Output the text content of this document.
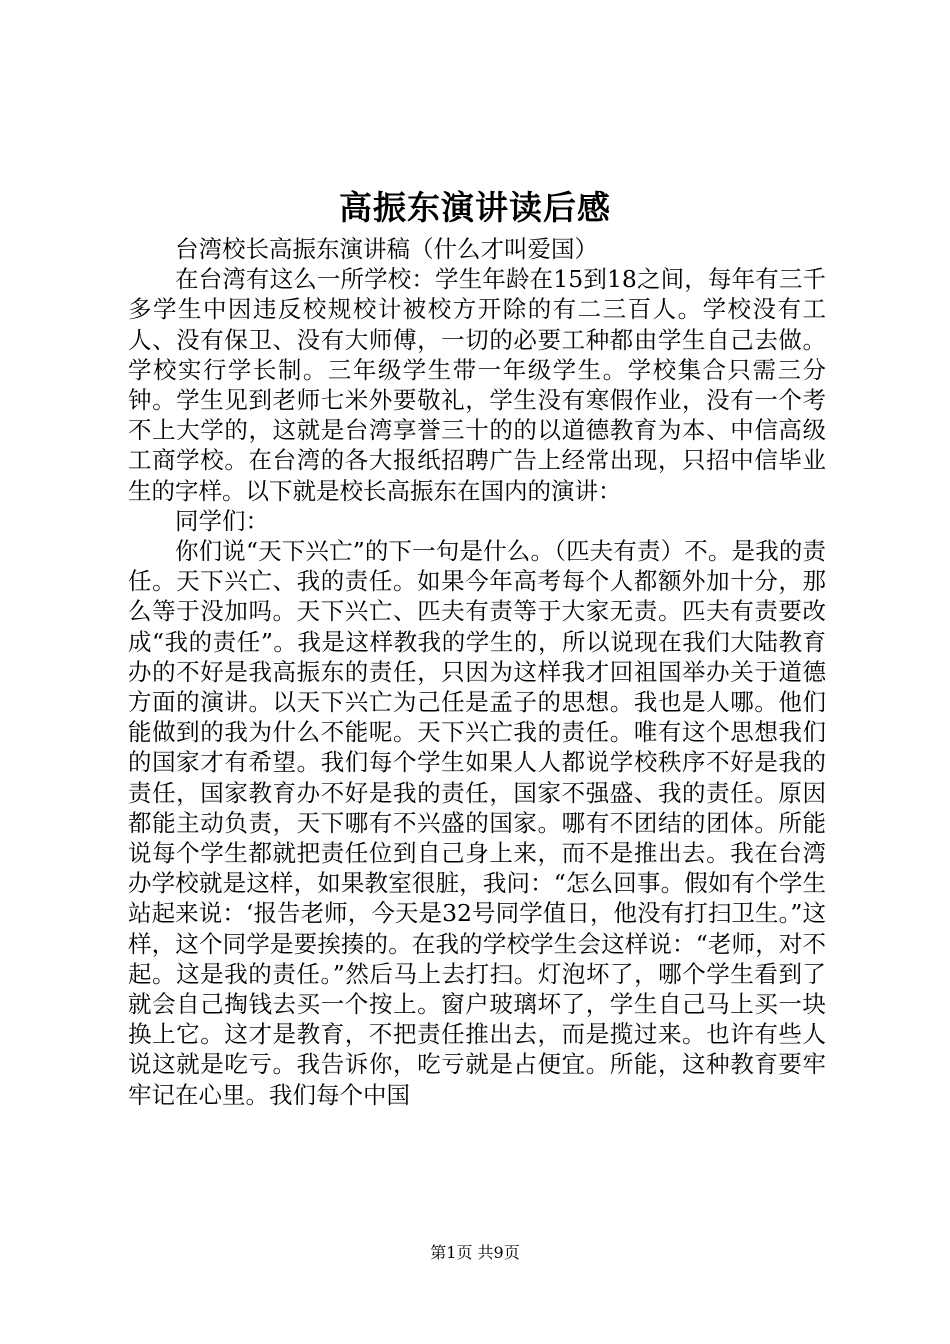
高振东演讲读后感

台湾校长高振东演讲稿（什么才叫爱国）

在台湾有这么一所学校：学生年龄在15到18之间，每年有三千多学生中因违反校规校计被校方开除的有二三百人。学校没有工人、没有保卫、没有大师傅，一切的必要工种都由学生自己去做。学校实行学长制。三年级学生带一年级学生。学校集合只需三分钟。学生见到老师七米外要敬礼，学生没有寒假作业，没有一个考不上大学的，这就是台湾享誉三十的的以道德教育为本、中信高级工商学校。在台湾的各大报纸招聘广告上经常出现，只招中信毕业生的字样。以下就是校长高振东在国内的演讲：

同学们：

你们说“天下兴亡”的下一句是什么。（匹夫有责）不。是我的责任。天下兴亡、我的责任。如果今年高考每个人都额外加十分，那么等于没加吗。天下兴亡、匹夫有责等于大家无责。匹夫有责要改成“我的责任”。我是这样教我的学生的，所以说现在我们大陆教育办的不好是我高振东的责任，只因为这样我才回祖国举办关于道德方面的演讲。以天下兴亡为己任是孟子的思想。我也是人哪。他们能做到的我为什么不能呢。天下兴亡我的责任。唯有这个思想我们的国家才有希望。我们每个学生如果人人都说学校秩序不好是我的责任，国家教育办不好是我的责任，国家不强盛、我的责任。原因都能主动负责，天下哪有不兴盛的国家。哪有不团结的团体。所能说每个学生都就把责任位到自己身上来，而不是推出去。我在台湾办学校就是这样，如果教室很脏，我问：“怎么回事。假如有个学生站起来说：‘报告老师，今天是32号同学值日，他没有打扫卫生。”这样，这个同学是要挨揍的。在我的学校学生会这样说：“老师，对不起。这是我的责任。”然后马上去打扫。灯泡坏了，哪个学生看到了就会自己掏钱去买一个按上。窗户玻璃坏了，学生自己马上买一块换上它。这才是教育，不把责任推出去，而是揽过来。也许有些人说这就是吃亏。我告诉你，吃亏就是占便宜。所能，这种教育要牢牢记在心里。我们每个中国

第1页 共9页
